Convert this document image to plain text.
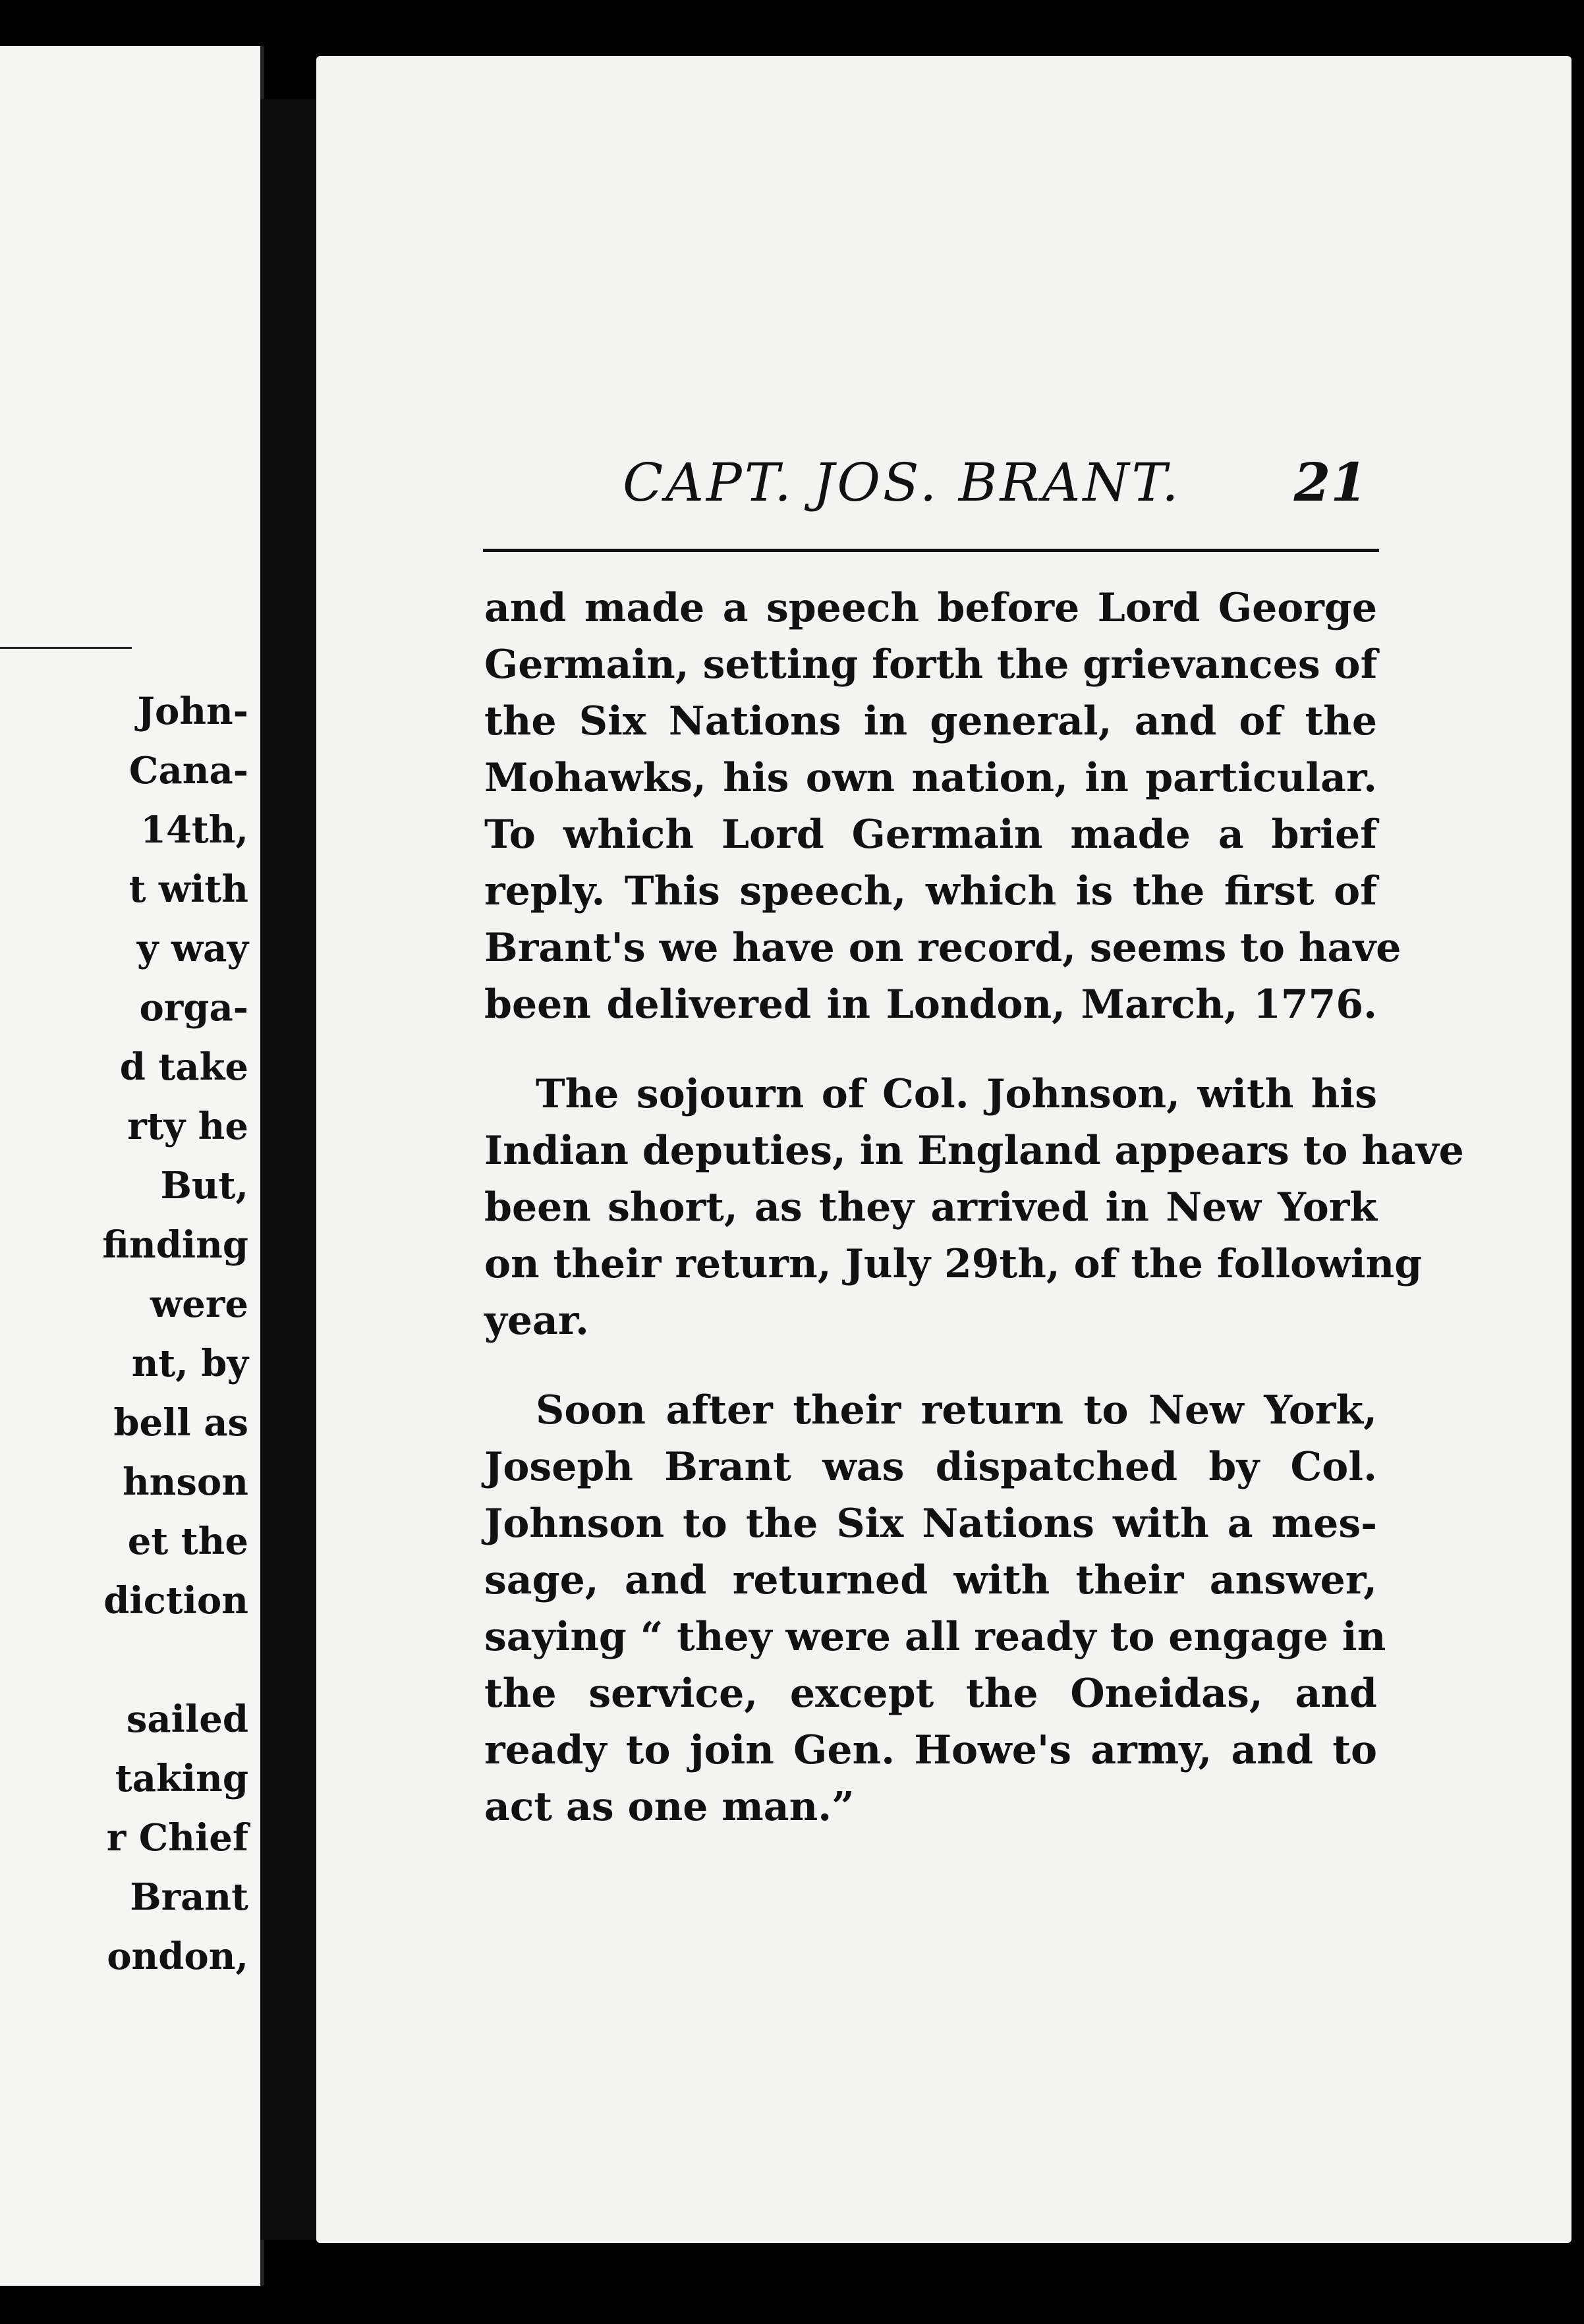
John-
Cana-
14th,
t with
y way
orga-
d take
rty he
But,
finding
were
nt, by
bell as
hnson
et the
diction
sailed
taking
r Chief
Brant
ondon,
CAPT. JOS. BRANT. 21
and made a speech before Lord George
Germain, setting forth the grievances of
the Six Nations in general, and of the
Mohawks, his own nation, in particular.
To which Lord Germain made a brief
reply. This speech, which is the first of
Brant's we have on record, seems to have
been delivered in London, March, 1776.
The sojourn of Col. Johnson, with his
Indian deputies, in England appears to have
been short, as they arrived in New York
on their return, July 29th, of the following
year.
Soon after their return to New York,
Joseph Brant was dispatched by Col.
Johnson to the Six Nations with a mes-
sage, and returned with their answer,
saying “ they were all ready to engage in
the service, except the Oneidas, and
ready to join Gen. Howe's army, and to
act as one man.”
